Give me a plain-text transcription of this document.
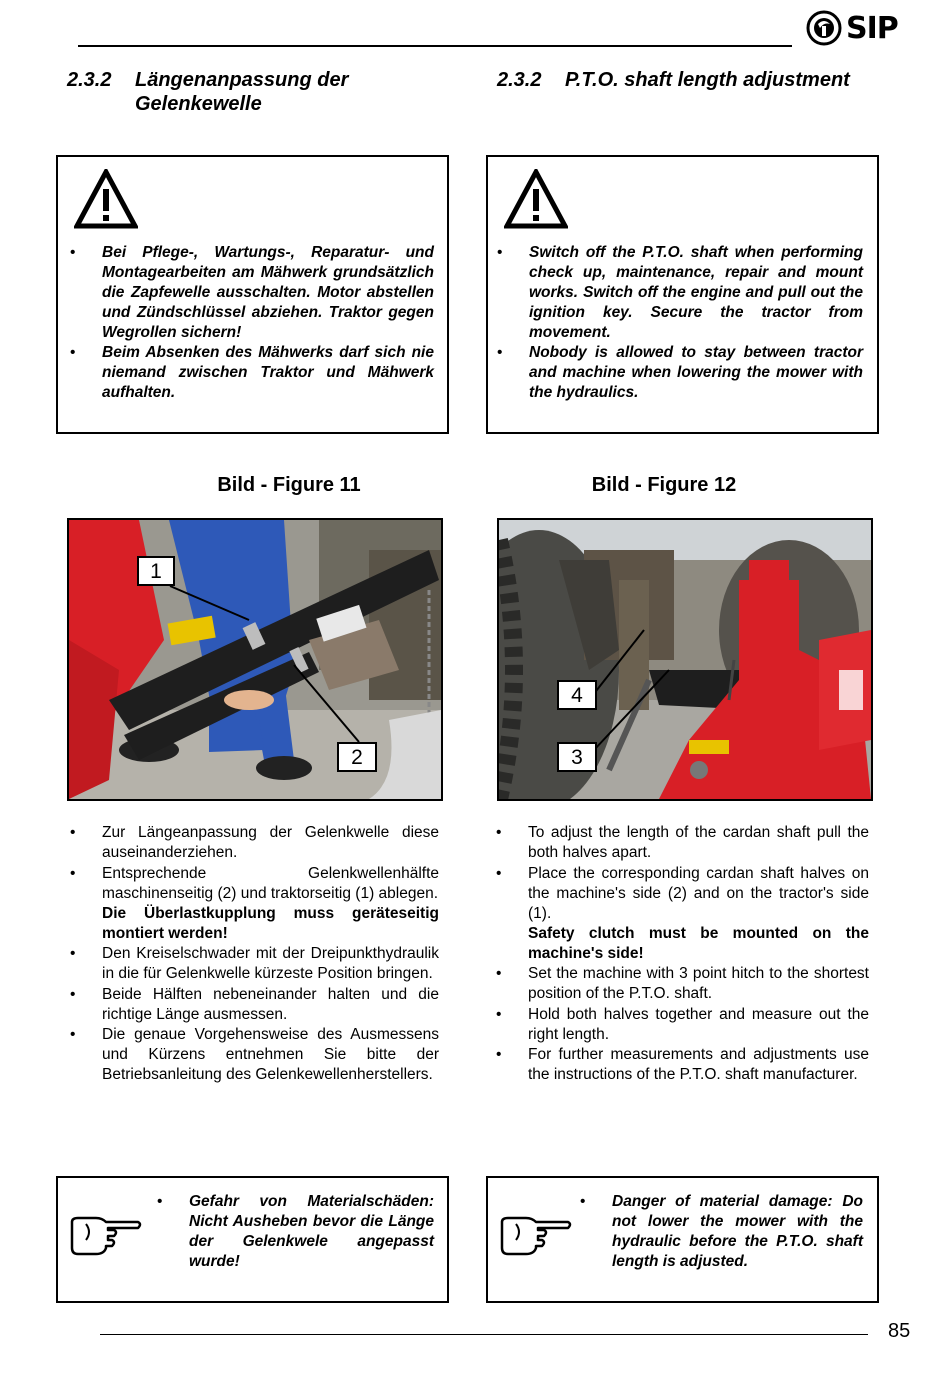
SIP
2.3.2 Längenanpassung der
Gelenkewelle
2.3.2 P.T.O. shaft length adjustment
• Bei Pflege-, Wartungs-, Reparatur- und Montagearbeiten am Mähwerk grundsätzlich die Zapfewelle ausschalten. Motor abstellen und Zündschlüssel abziehen. Traktor gegen Wegrollen sichern!
• Beim Absenken des Mähwerks darf sich nie niemand zwischen Traktor und Mähwerk aufhalten.
• Switch off the P.T.O. shaft when performing check up, maintenance, repair and mount works. Switch off the engine and pull out the ignition key. Secure the tractor from movement.
• Nobody is allowed to stay between tractor and machine when lowering the mower with the hydraulics.
Bild - Figure 11	Bild - Figure 12
1
2
4
3
• Zur Längeanpassung der Gelenkwelle diese auseinanderziehen.
• Entsprechende Gelenkwellenhälfte maschinenseitig (2) und traktorseitig (1) ablegen.
Die Überlastkupplung muss geräteseitig montiert werden!
• Den Kreiselschwader mit der Dreipunkthydraulik in die für Gelenkwelle kürzeste Position bringen.
• Beide Hälften nebeneinander halten und die richtige Länge ausmessen.
• Die genaue Vorgehensweise des Ausmessens und Kürzens entnehmen Sie bitte der Betriebsanleitung des Gelenkewellenherstellers.
• To adjust the length of the cardan shaft pull the both halves apart.
• Place the corresponding cardan shaft halves on the machine's side (2) and on the tractor's side (1).
Safety clutch must be mounted on the machine's side!
• Set the machine with 3 point hitch to the shortest position of the P.T.O. shaft.
• Hold both halves together and measure out the right length.
• For further measurements and adjustments use the instructions of the P.T.O. shaft manufacturer.
• Gefahr von Materialschäden: Nicht Ausheben bevor die Länge der Gelenkwele angepasst wurde!
• Danger of material damage: Do not lower the mower with the hydraulic before the P.T.O. shaft length is adjusted.
85
